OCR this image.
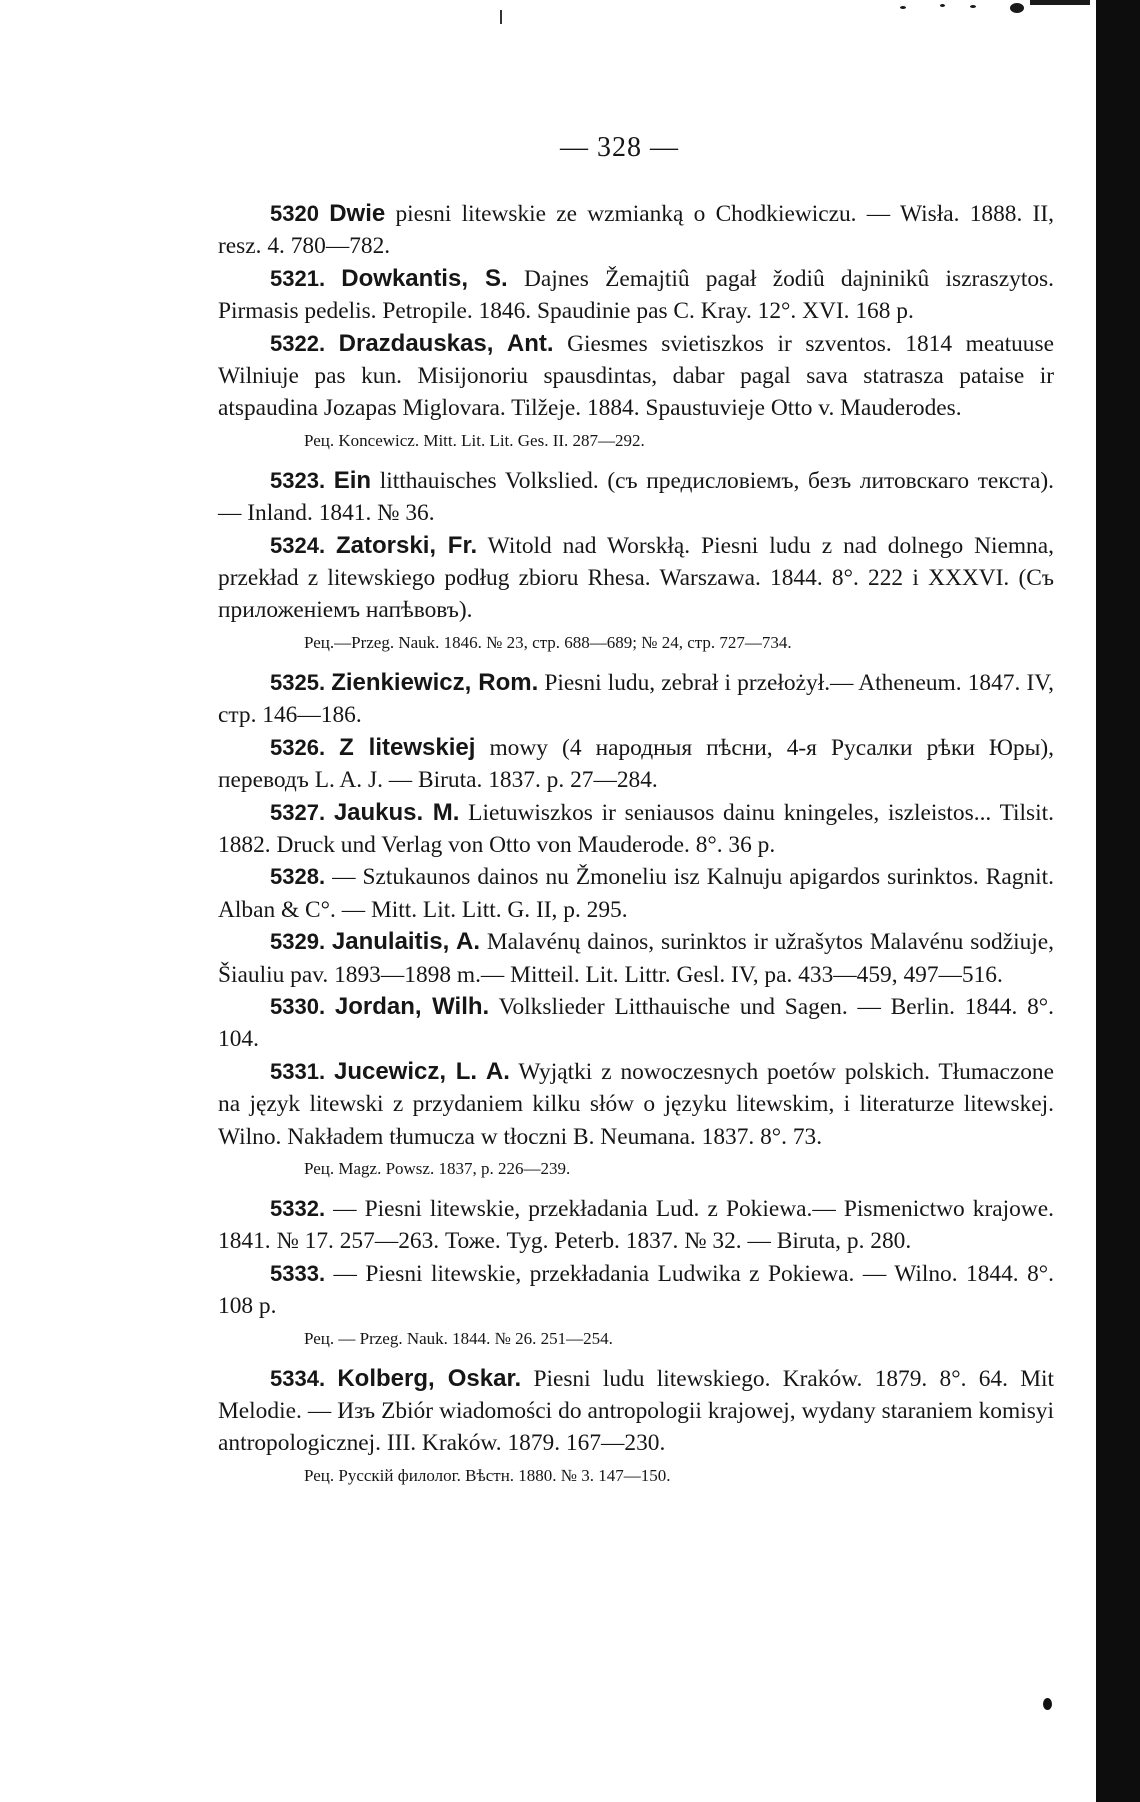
— 328 —

5320 Dwie piesni litewskie ze wzmianką o Chodkiewiczu. — Wisła. 1888. II, resz. 4. 780—782.

5321. Dowkantis, S. Dajnes Žemajtiû pagał žodiû dajninikû iszraszytos. Pirmasis pedelis. Petropile. 1846. Spaudinie pas C. Kray. 12°. XVI. 168 p.

5322. Drazdauskas, Ant. Giesmes svietiszkos ir szventos. 1814 meatuuse Wilniuje pas kun. Misijonoriu spausdintas, dabar pagal sava statrasza pataise ir atspaudina Jozapas Miglovara. Tilžeje. 1884. Spaustuvieje Otto v. Mauderodes.

Рец. Koncewicz. Mitt. Lit. Lit. Ges. II. 287—292.

5323. Ein litthauisches Volkslied. (съ предисловіемъ, безъ литовскаго текста). — Inland. 1841. № 36.

5324. Zatorski, Fr. Witold nad Worskłą. Piesni ludu z nad dolnego Niemna, przekład z litewskiego podług zbioru Rhesa. Warszawa. 1844. 8°. 222 i XXXVI. (Съ приложеніемъ напѣвовъ).

Рец.—Przeg. Nauk. 1846. № 23, стр. 688—689; № 24, стр. 727—734.

5325. Zienkiewicz, Rom. Piesni ludu, zebrał i przełożył.— Atheneum. 1847. IV, стр. 146—186.

5326. Z litewskiej mowy (4 народныя пѣсни, 4-я Русалки рѣки Юры), переводъ L. A. J. — Biruta. 1837. p. 27—284.

5327. Jaukus. M. Lietuwiszkos ir seniausos dainu kningeles, iszleistos... Tilsit. 1882. Druck und Verlag von Otto von Mauderode. 8°. 36 p.

5328. — Sztukaunos dainos nu Žmoneliu isz Kalnuju apigardos surinktos. Ragnit. Alban & C°. — Mitt. Lit. Litt. G. II, p. 295.

5329. Janulaitis, A. Malavénų dainos, surinktos ir užrašytos Malavénu sodžiuje, Šiauliu pav. 1893—1898 m.— Mitteil. Lit. Littr. Gesl. IV, pa. 433—459, 497—516.

5330. Jordan, Wilh. Volkslieder Litthauische und Sagen. — Berlin. 1844. 8°. 104.

5331. Jucewicz, L. A. Wyjątki z nowoczesnych poetów polskich. Tłumaczone na język litewski z przydaniem kilku słów o języku litewskim, i literaturze litewskej. Wilno. Nakładem tłumucza w tłoczni B. Neumana. 1837. 8°. 73.

Рец. Magz. Powsz. 1837, p. 226—239.

5332. — Piesni litewskie, przekładania Lud. z Pokiewa.— Pismenictwo krajowe. 1841. № 17. 257—263. Тоже. Tyg. Peterb. 1837. № 32. — Biruta, p. 280.

5333. — Piesni litewskie, przekładania Ludwika z Pokiewa. — Wilno. 1844. 8°. 108 p.

Рец. — Przeg. Nauk. 1844. № 26. 251—254.

5334. Kolberg, Oskar. Piesni ludu litewskiego. Kraków. 1879. 8°. 64. Mit Melodie. — Изъ Zbiór wiadomości do antropologii krajowej, wydany staraniem komisyi antropologicznej. III. Kraków. 1879. 167—230.

Рец. Русскій филолог. Вѣстн. 1880. № 3. 147—150.
